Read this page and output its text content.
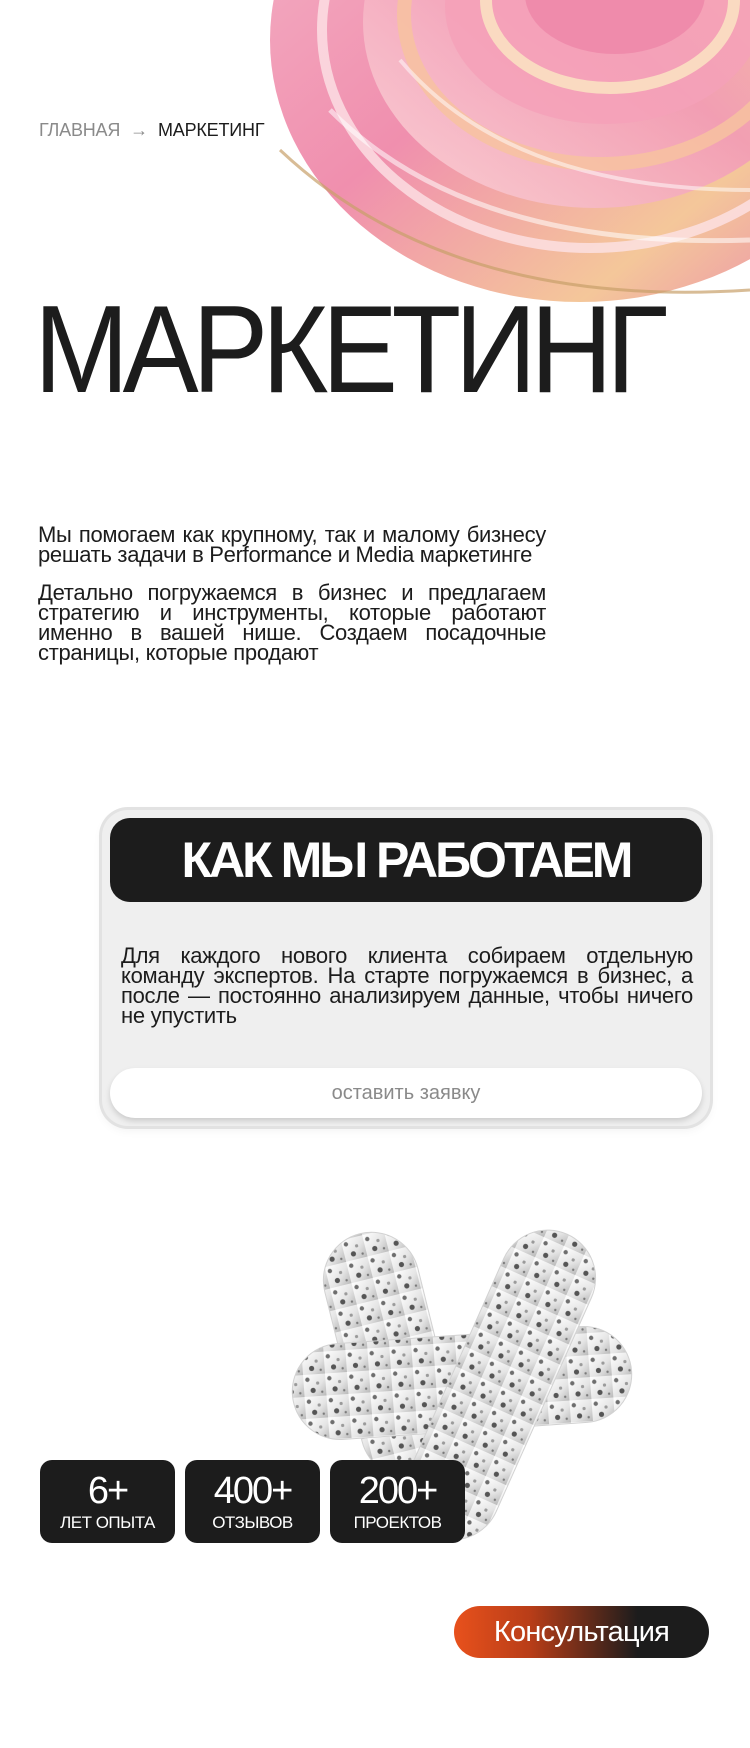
ГЛАВНАЯ → МАРКЕТИНГ
МАРКЕТИНГ

Мы помогаем как крупному, так и малому бизнесу решать задачи в Performance и Media маркетинге

Детально погружаемся в бизнес и предлагаем стратегию и инструменты, которые работают именно в вашей нише. Создаем посадочные страницы, которые продают

КАК МЫ РАБОТАЕМ

Для каждого нового клиента собираем отдельную команду экспертов. На старте погружаемся в бизнес, а после — постоянно анализируем данные, чтобы ничего не упустить

оставить заявку
6+
ЛЕТ ОПЫТА
400+
ОТЗЫВОВ
200+
ПРОЕКТОВ
Консультация
